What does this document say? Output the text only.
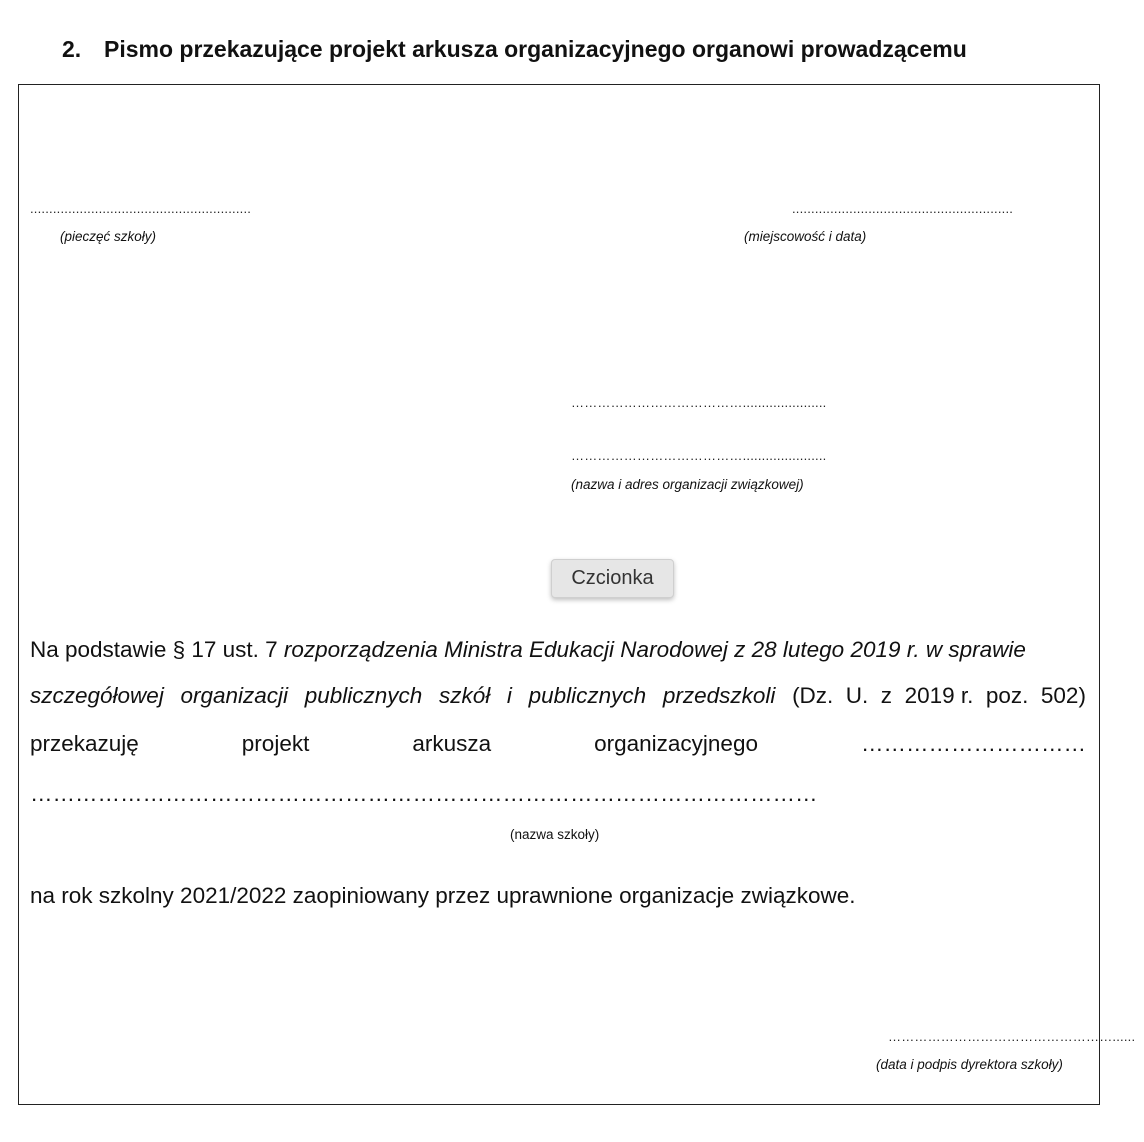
2. Pismo przekazujące projekt arkusza organizacyjnego organowi prowadzącemu
..........................................................
(pieczęć szkoły)
..........................................................
(miejscowość i data)
…………………………………......................
…………………………………......................
(nazwa i adres organizacji związkowej)
Czcionka
Na podstawie § 17 ust. 7 rozporządzenia Ministra Edukacji Narodowej z 28 lutego 2019 r. w sprawie
szczegółowej organizacji publicznych szkół i publicznych przedszkoli (Dz.  U.  z  2019 r.  poz.  502)
przekazuję	projekt	arkusza	organizacyjnego	…………………………
……………………………………………………………………………………………
(nazwa szkoły)
na rok szkolny 2021/2022 zaopiniowany przez uprawnione organizacje związkowe.
……………………………………………......
(data i podpis dyrektora szkoły)
